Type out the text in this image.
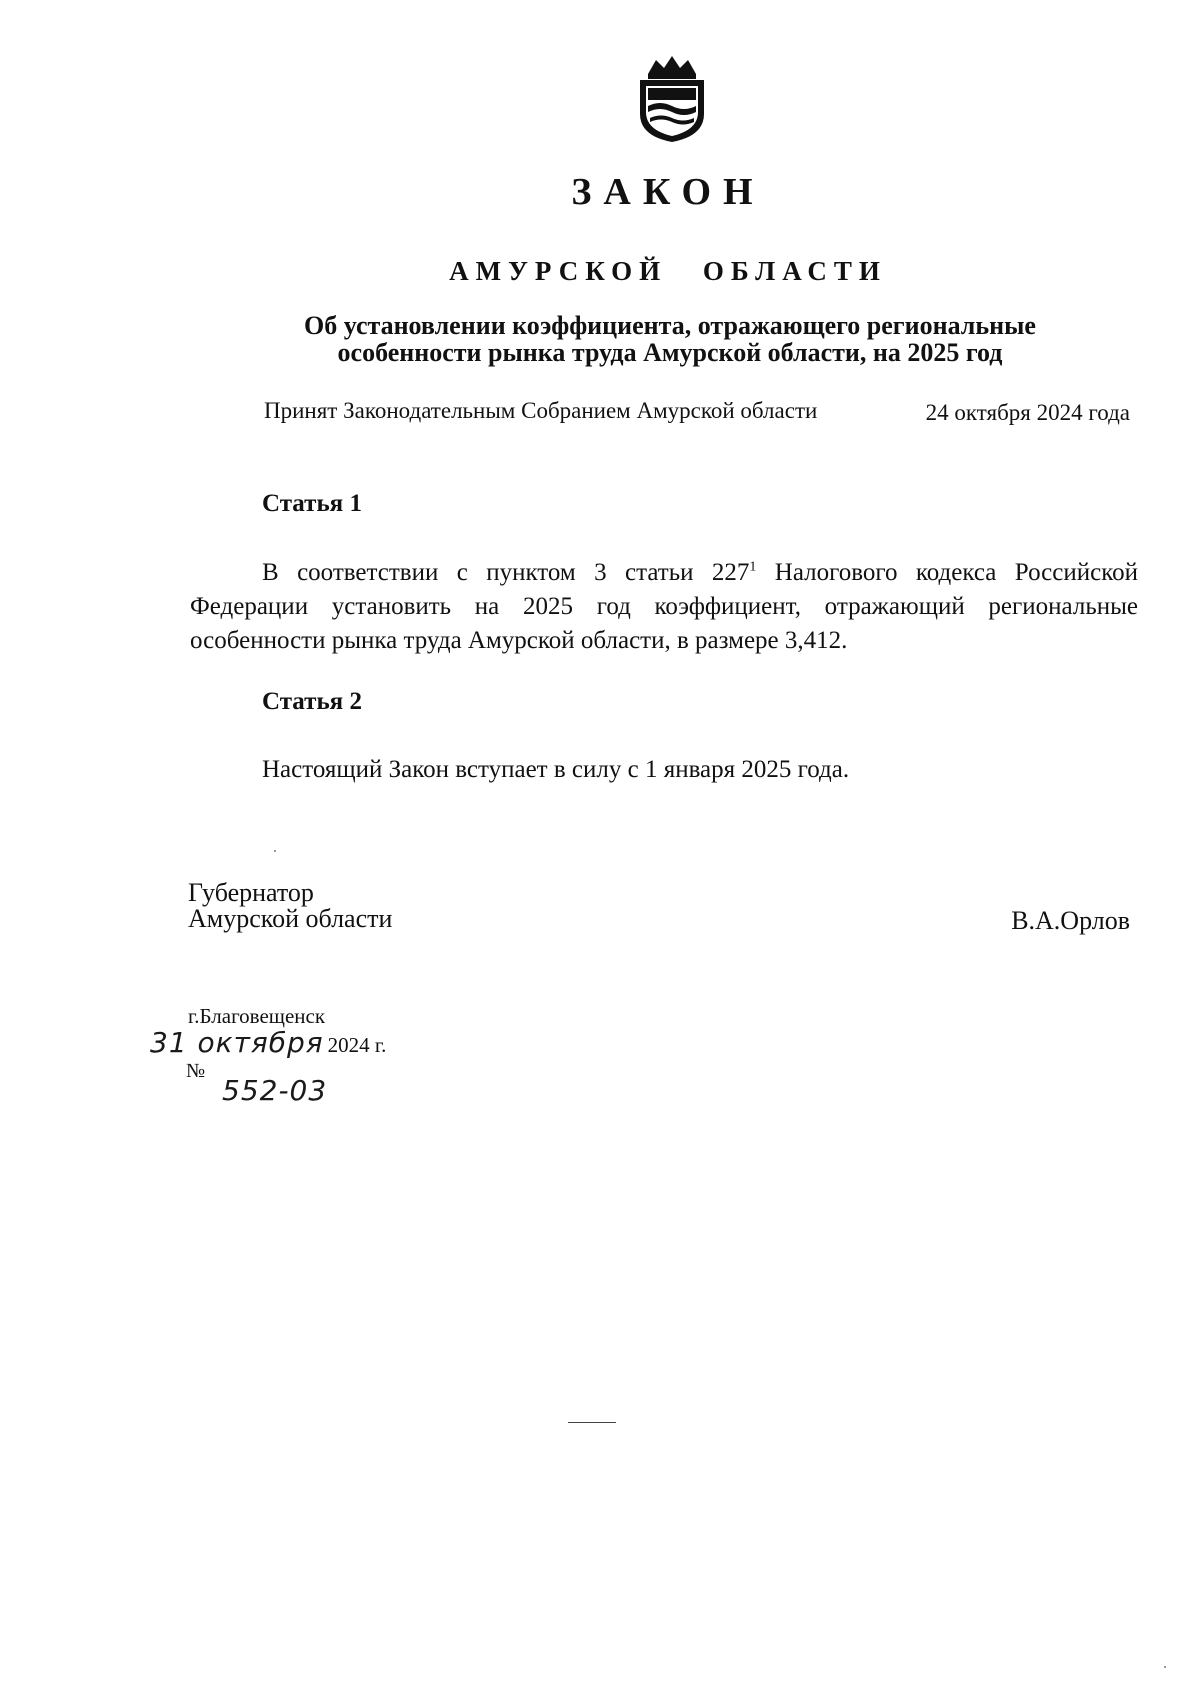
ЗАКОН
АМУРСКОЙ ОБЛАСТИ
Об установлении коэффициента, отражающего региональные
особенности рынка труда Амурской области, на 2025 год
Принят Законодательным Собранием Амурской области	24 октября 2024 года
Статья 1
В соответствии с пунктом 3 статьи $227^1$ Налогового кодекса Российской Федерации установить на 2025 год коэффициент, отражающий региональные особенности рынка труда Амурской области, в размере 3,412.
Статья 2
Настоящий Закон вступает в силу с 1 января 2025 года.
Губернатор
Амурской области	В.А.Орлов
г.Благовещенск
31 октября 2024 г.
№
552-03
